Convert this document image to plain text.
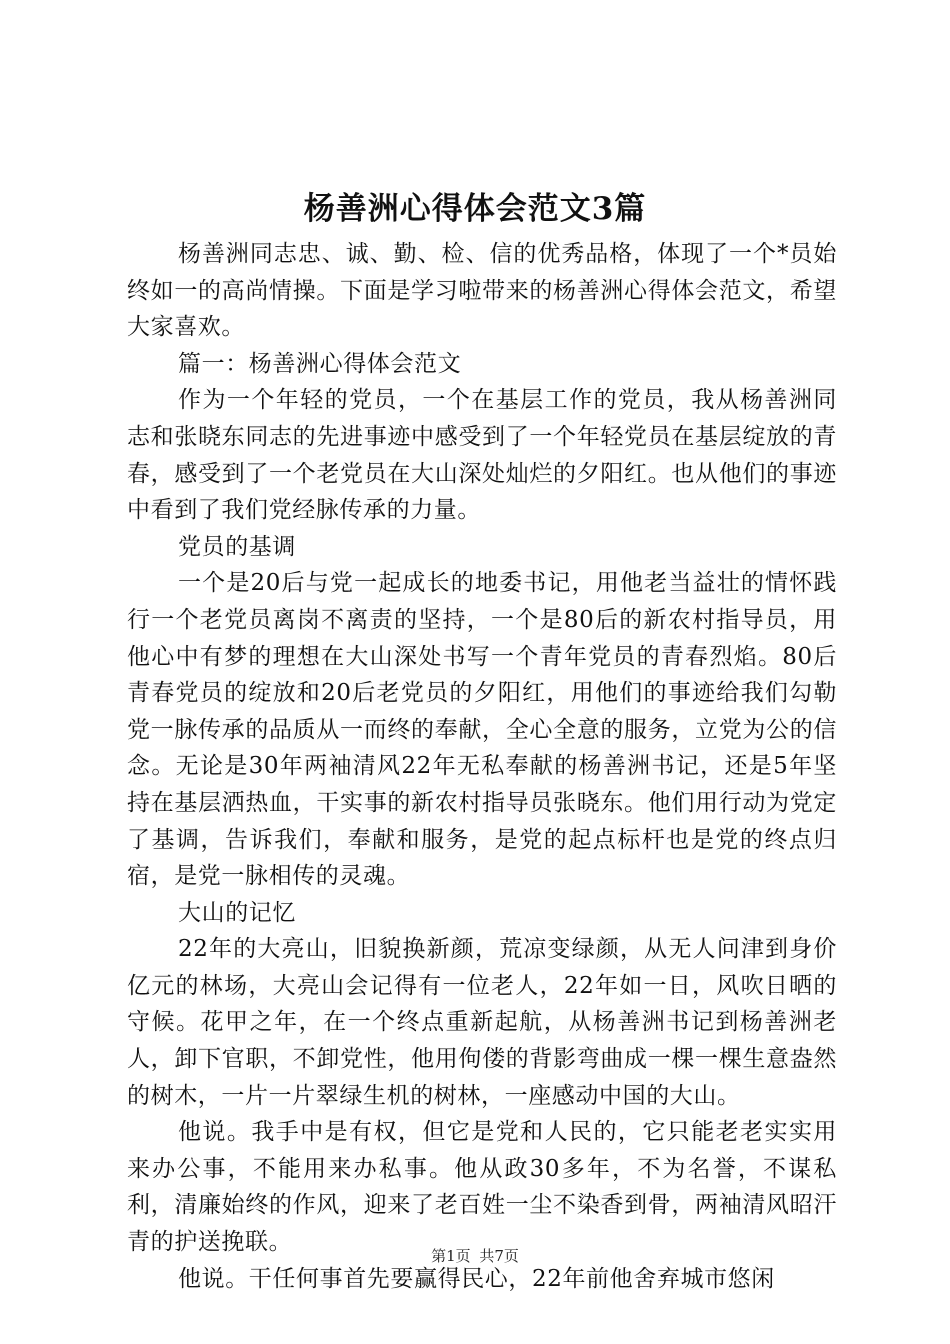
杨善洲心得体会范文3篇

杨善洲同志忠、诚、勤、检、信的优秀品格，体现了一个*员始终如一的高尚情操。下面是学习啦带来的杨善洲心得体会范文，希望大家喜欢。

篇一：杨善洲心得体会范文

作为一个年轻的党员，一个在基层工作的党员，我从杨善洲同志和张晓东同志的先进事迹中感受到了一个年轻党员在基层绽放的青春，感受到了一个老党员在大山深处灿烂的夕阳红。也从他们的事迹中看到了我们党经脉传承的力量。

党员的基调

一个是20后与党一起成长的地委书记，用他老当益壮的情怀践行一个老党员离岗不离责的坚持，一个是80后的新农村指导员，用他心中有梦的理想在大山深处书写一个青年党员的青春烈焰。80后青春党员的绽放和20后老党员的夕阳红，用他们的事迹给我们勾勒党一脉传承的品质从一而终的奉献，全心全意的服务，立党为公的信念。无论是30年两袖清风22年无私奉献的杨善洲书记，还是5年坚持在基层洒热血，干实事的新农村指导员张晓东。他们用行动为党定了基调，告诉我们，奉献和服务，是党的起点标杆也是党的终点归宿，是党一脉相传的灵魂。

大山的记忆

22年的大亮山，旧貌换新颜，荒凉变绿颜，从无人问津到身价亿元的林场，大亮山会记得有一位老人，22年如一日，风吹日晒的守候。花甲之年，在一个终点重新起航，从杨善洲书记到杨善洲老人，卸下官职，不卸党性，他用佝偻的背影弯曲成一棵一棵生意盎然的树木，一片一片翠绿生机的树林，一座感动中国的大山。

他说。我手中是有权，但它是党和人民的，它只能老老实实用来办公事，不能用来办私事。他从政30多年，不为名誉，不谋私利，清廉始终的作风，迎来了老百姓一尘不染香到骨，两袖清风昭汗青的护送挽联。

他说。干任何事首先要赢得民心，22年前他舍弃城市悠闲

第1页 共7页
